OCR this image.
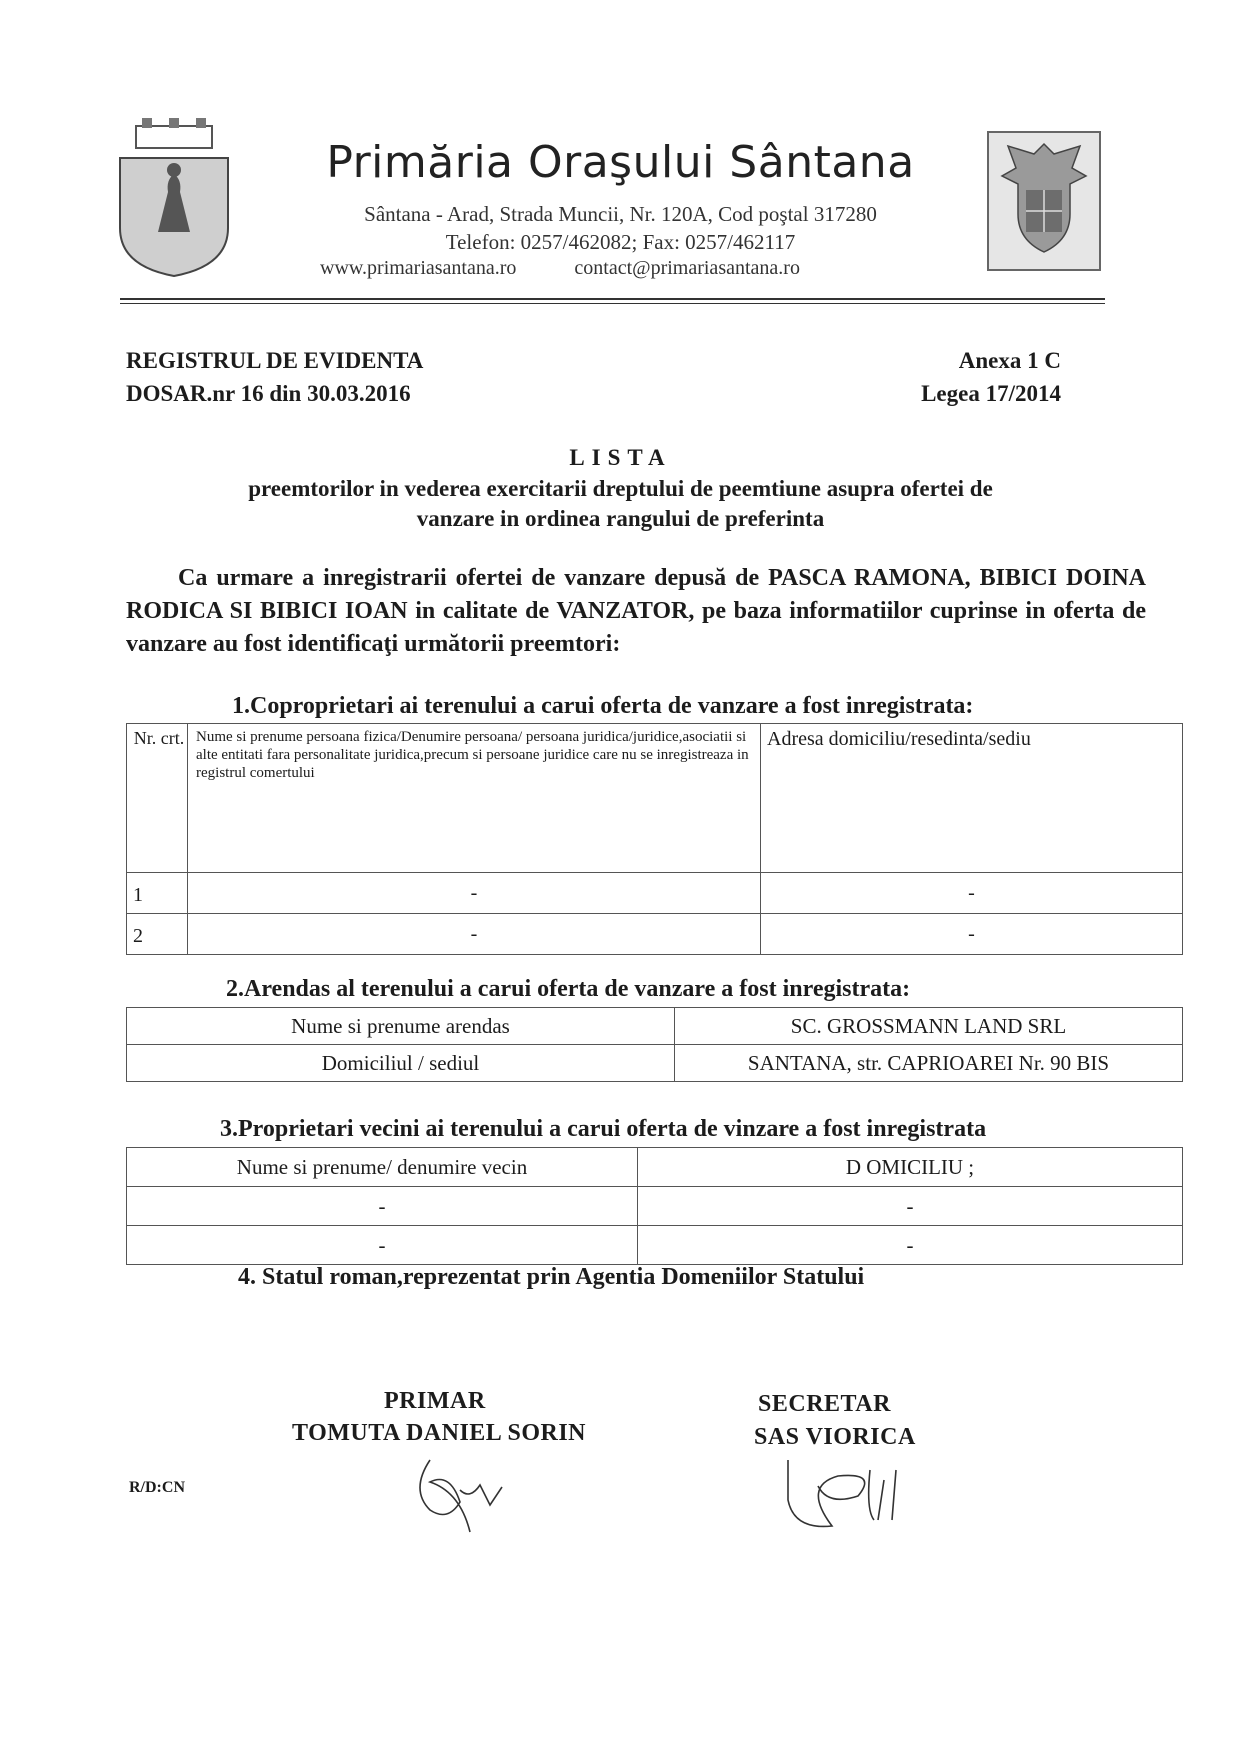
Primăria Oraşului Sântana
Sântana - Arad, Strada Muncii, Nr. 120A, Cod poştal 317280
Telefon: 0257/462082; Fax: 0257/462117
www.primariasantana.ro	contact@primariasantana.ro
REGISTRUL DE EVIDENTA
DOSAR.nr 16 din 30.03.2016
Anexa 1 C
Legea 17/2014
LISTA
preemtorilor in vederea exercitarii dreptului de peemtiune asupra ofertei de
vanzare in ordinea rangului de preferinta
Ca urmare a inregistrarii ofertei de vanzare depusă de PASCA RAMONA, BIBICI DOINA RODICA SI BIBICI IOAN in calitate de VANZATOR, pe baza informatiilor cuprinse in oferta de vanzare au fost identificaţi următorii preemtori:
1.Coproprietari ai terenului a carui oferta de vanzare a fost inregistrata:
Nr. crt.	Nume si prenume persoana fizica/Denumire persoana/ persoana juridica/juridice,asociatii si alte entitati fara personalitate juridica,precum si persoane juridice care nu se inregistreaza in registrul comertului	Adresa domiciliu/resedinta/sediu
1	-	-
2	-	-
2.Arendas al terenului a carui oferta de vanzare a fost inregistrata:
Nume si prenume arendas	SC. GROSSMANN LAND SRL
Domiciliul / sediul	SANTANA, str. CAPRIOAREI Nr. 90 BIS
3.Proprietari vecini ai terenului a carui oferta de vinzare a fost inregistrata
Nume si prenume/ denumire vecin	D OMICILIU ;
-	-
-	-
4. Statul roman,reprezentat prin Agentia Domeniilor Statului
PRIMAR
TOMUTA DANIEL SORIN
SECRETAR
SAS VIORICA
R/D:CN
